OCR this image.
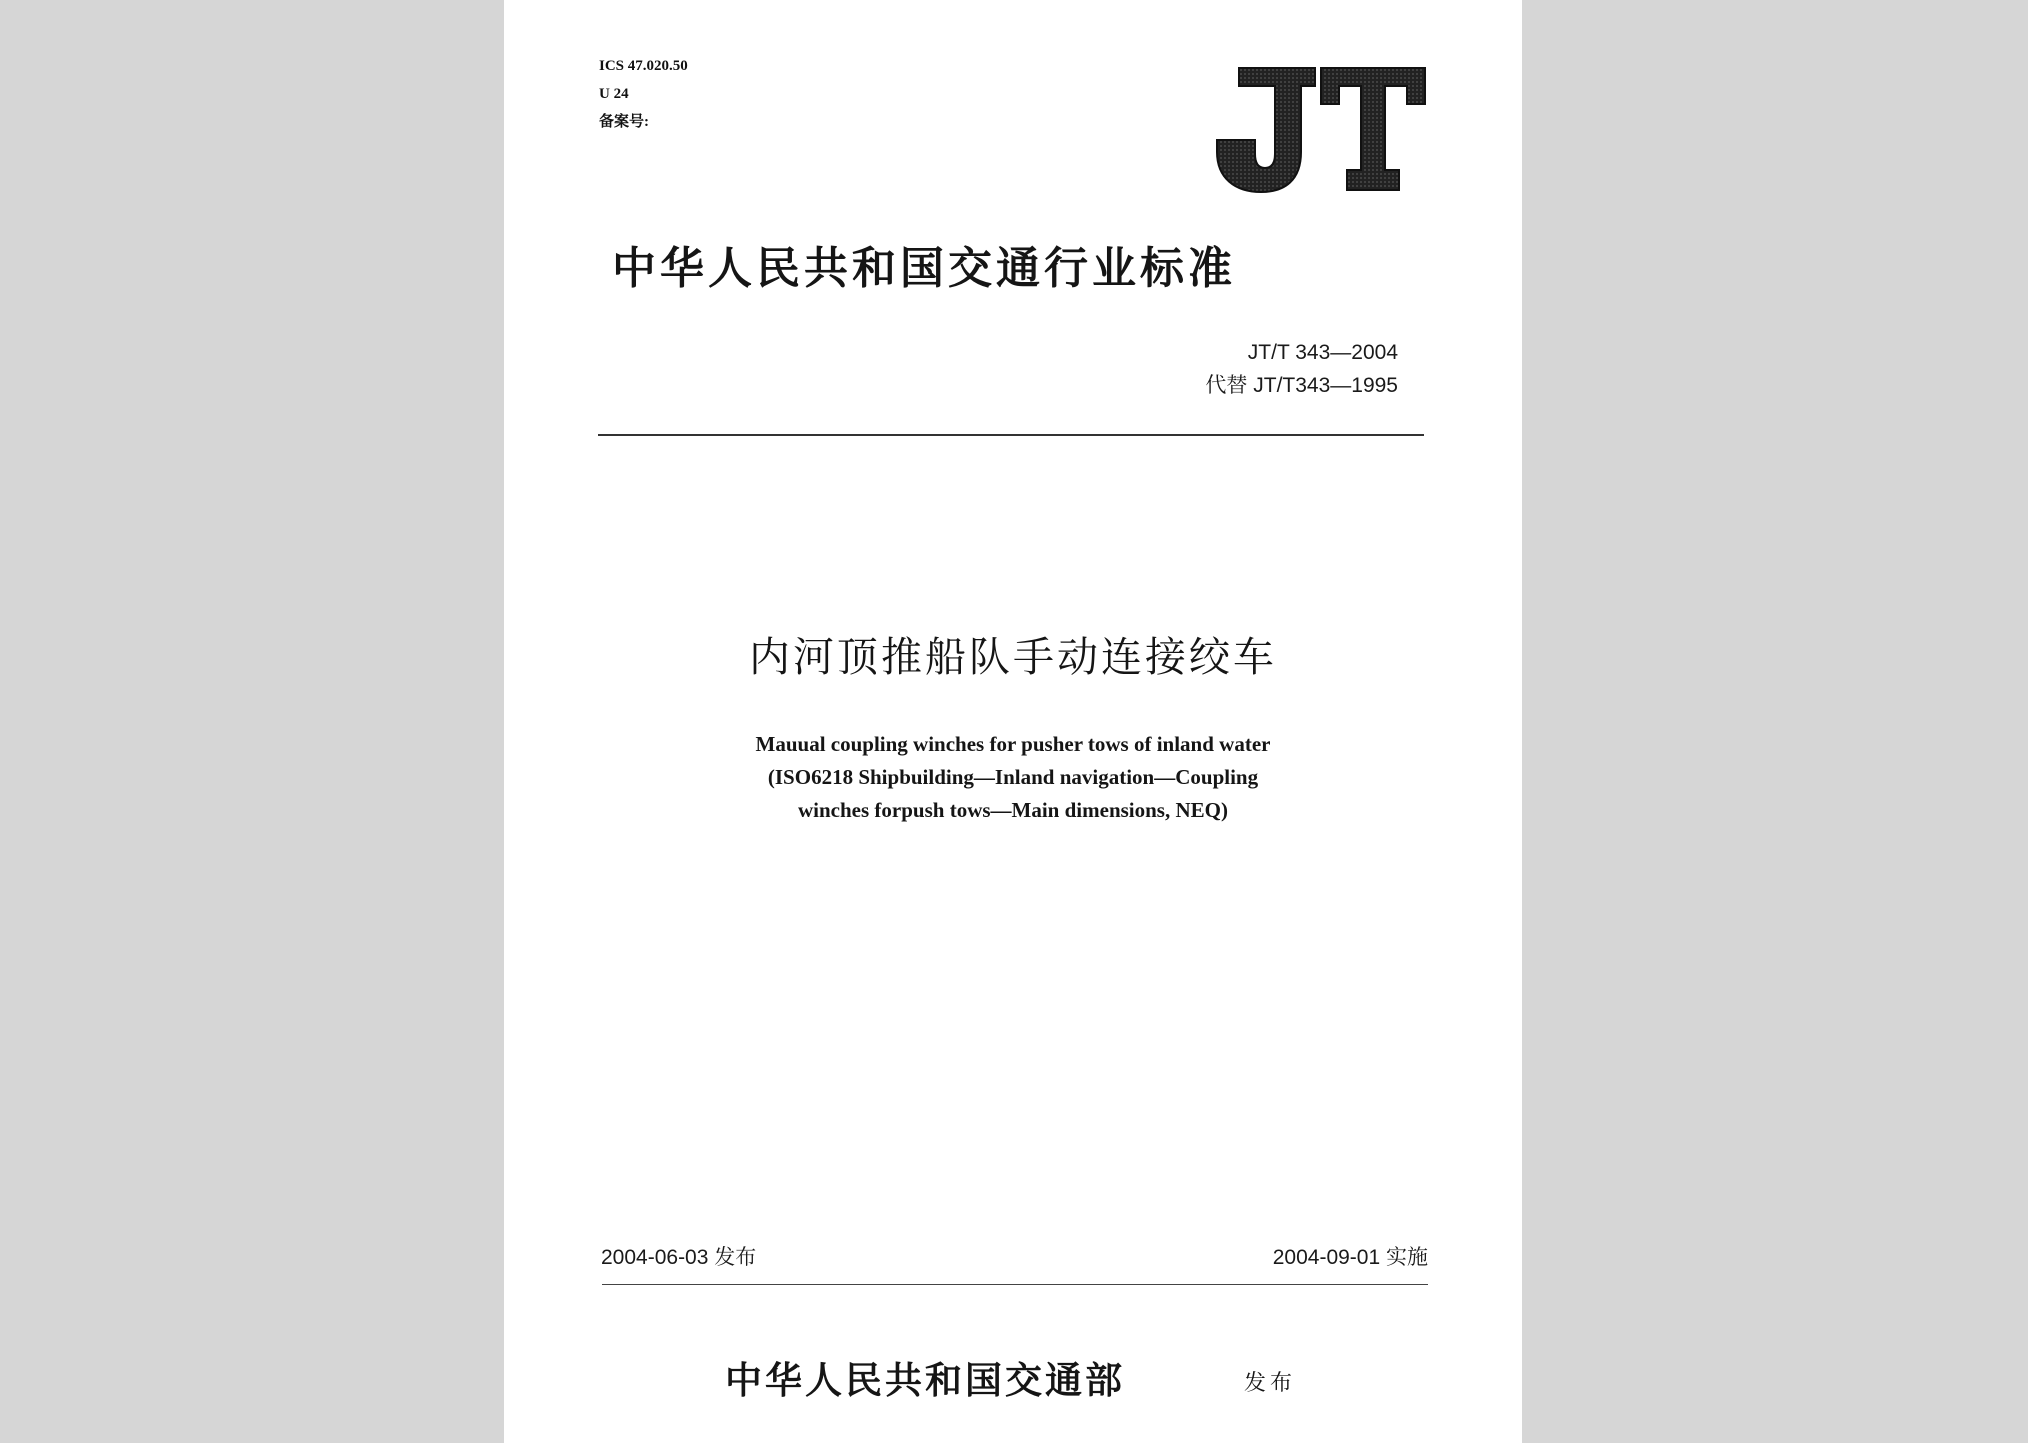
ICS 47.020.50
U 24
备案号:
中华人民共和国交通行业标准
JT/T 343—2004
代替 JT/T343—1995
内河顶推船队手动连接绞车
Mauual coupling winches for pusher tows of inland water
(ISO6218 Shipbuilding—Inland navigation—Coupling
winches forpush tows—Main dimensions, NEQ)
2004-06-03 发布	2004-09-01 实施
中华人民共和国交通部	发布
